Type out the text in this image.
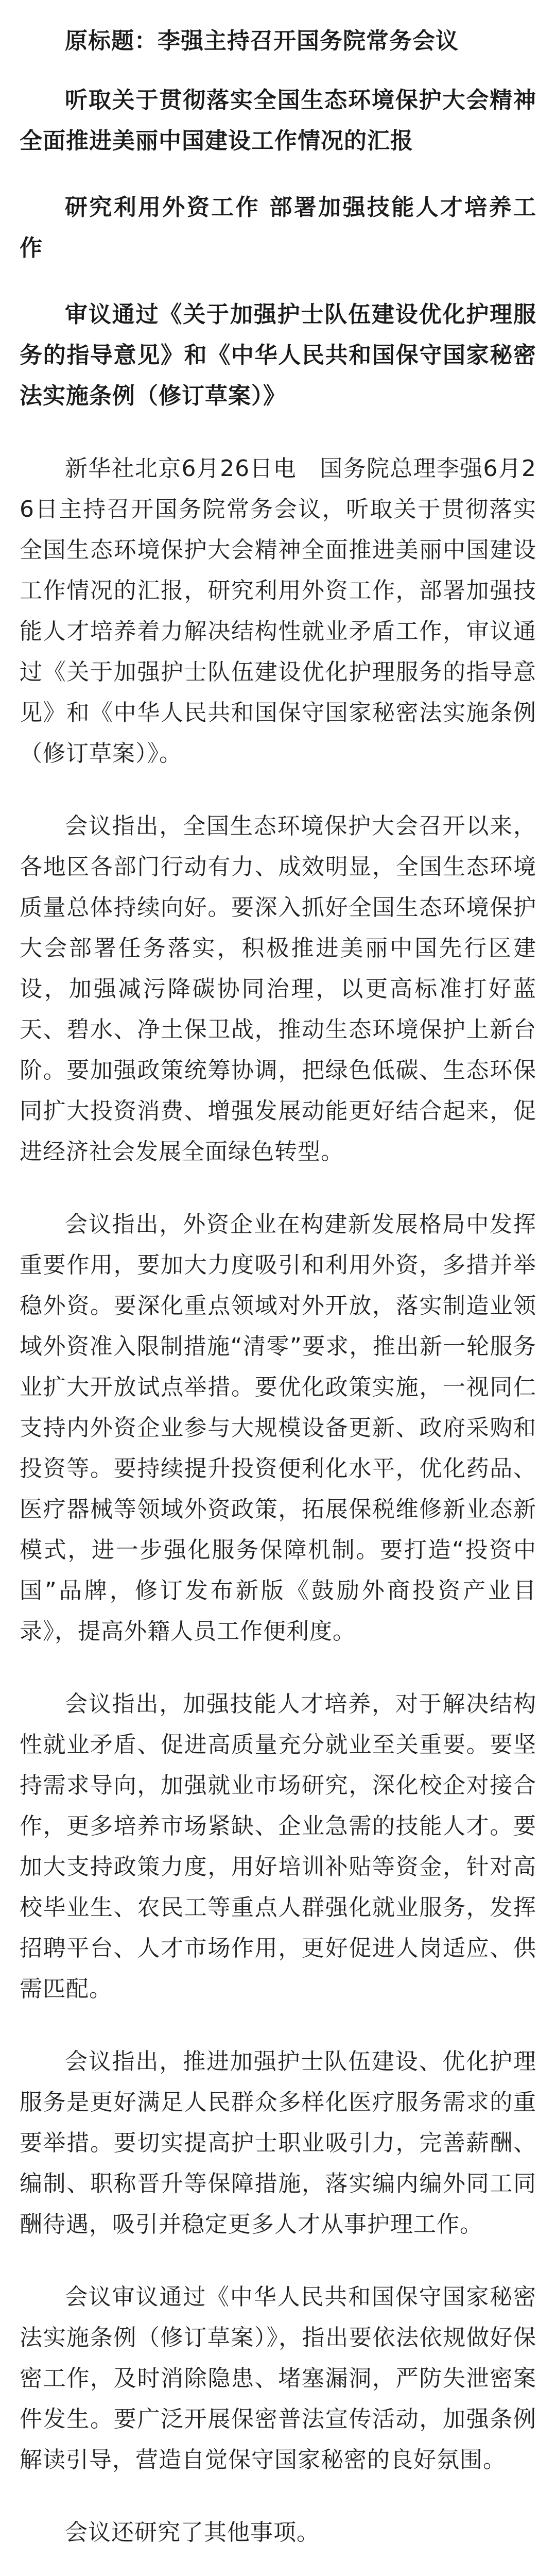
原标题：李强主持召开国务院常务会议

听取关于贯彻落实全国生态环境保护大会精神全面推进美丽中国建设工作情况的汇报

研究利用外资工作 部署加强技能人才培养工作

审议通过《关于加强护士队伍建设优化护理服务的指导意见》和《中华人民共和国保守国家秘密法实施条例（修订草案）》

新华社北京6月26日电　国务院总理李强6月26日主持召开国务院常务会议，听取关于贯彻落实全国生态环境保护大会精神全面推进美丽中国建设工作情况的汇报，研究利用外资工作，部署加强技能人才培养着力解决结构性就业矛盾工作，审议通过《关于加强护士队伍建设优化护理服务的指导意见》和《中华人民共和国保守国家秘密法实施条例（修订草案）》。

会议指出，全国生态环境保护大会召开以来，各地区各部门行动有力、成效明显，全国生态环境质量总体持续向好。要深入抓好全国生态环境保护大会部署任务落实，积极推进美丽中国先行区建设，加强减污降碳协同治理，以更高标准打好蓝天、碧水、净土保卫战，推动生态环境保护上新台阶。要加强政策统筹协调，把绿色低碳、生态环保同扩大投资消费、增强发展动能更好结合起来，促进经济社会发展全面绿色转型。

会议指出，外资企业在构建新发展格局中发挥重要作用，要加大力度吸引和利用外资，多措并举稳外资。要深化重点领域对外开放，落实制造业领域外资准入限制措施“清零”要求，推出新一轮服务业扩大开放试点举措。要优化政策实施，一视同仁支持内外资企业参与大规模设备更新、政府采购和投资等。要持续提升投资便利化水平，优化药品、医疗器械等领域外资政策，拓展保税维修新业态新模式，进一步强化服务保障机制。要打造“投资中国”品牌，修订发布新版《鼓励外商投资产业目录》，提高外籍人员工作便利度。

会议指出，加强技能人才培养，对于解决结构性就业矛盾、促进高质量充分就业至关重要。要坚持需求导向，加强就业市场研究，深化校企对接合作，更多培养市场紧缺、企业急需的技能人才。要加大支持政策力度，用好培训补贴等资金，针对高校毕业生、农民工等重点人群强化就业服务，发挥招聘平台、人才市场作用，更好促进人岗适应、供需匹配。

会议指出，推进加强护士队伍建设、优化护理服务是更好满足人民群众多样化医疗服务需求的重要举措。要切实提高护士职业吸引力，完善薪酬、编制、职称晋升等保障措施，落实编内编外同工同酬待遇，吸引并稳定更多人才从事护理工作。

会议审议通过《中华人民共和国保守国家秘密法实施条例（修订草案）》，指出要依法依规做好保密工作，及时消除隐患、堵塞漏洞，严防失泄密案件发生。要广泛开展保密普法宣传活动，加强条例解读引导，营造自觉保守国家秘密的良好氛围。

会议还研究了其他事项。
